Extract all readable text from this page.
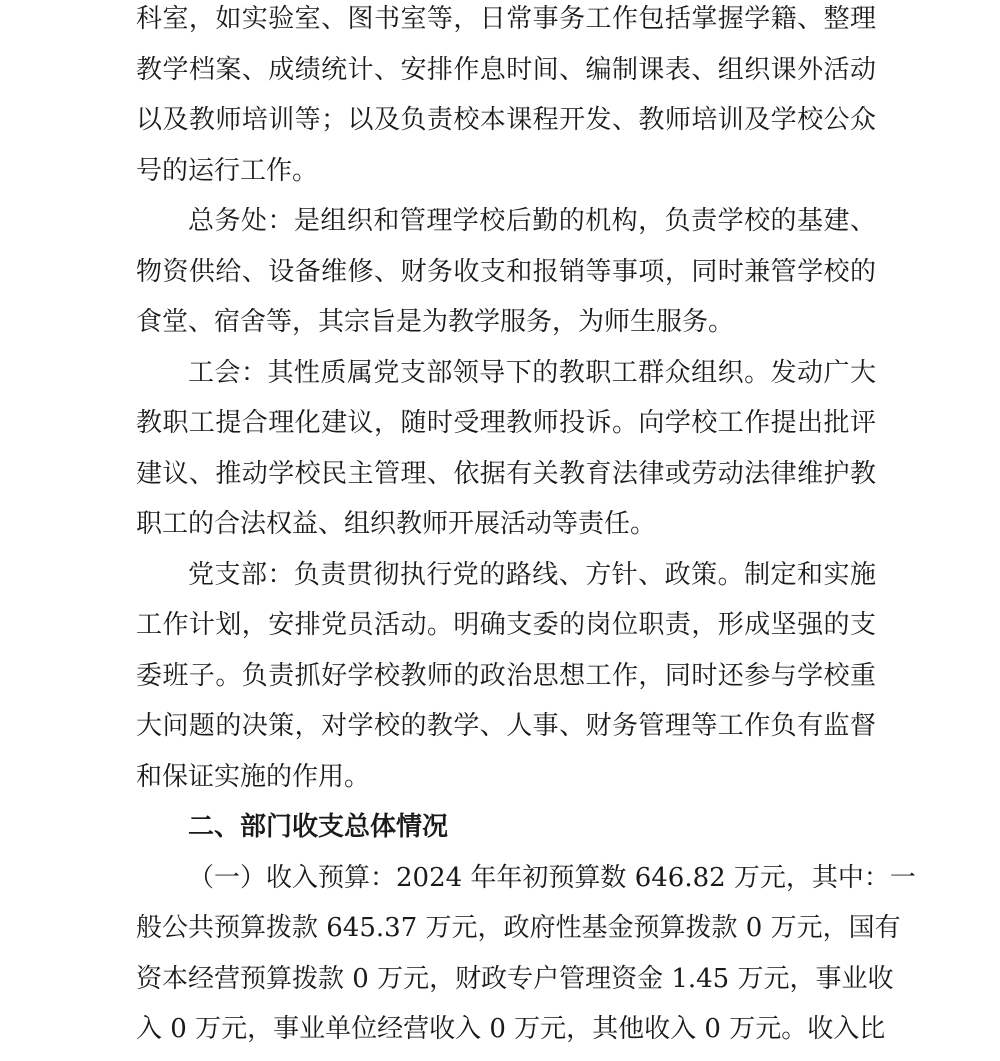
科室，如实验室、图书室等，日常事务工作包括掌握学籍、整理
教学档案、成绩统计、安排作息时间、编制课表、组织课外活动
以及教师培训等；以及负责校本课程开发、教师培训及学校公众
号的运行工作。
总务处：是组织和管理学校后勤的机构，负责学校的基建、
物资供给、设备维修、财务收支和报销等事项，同时兼管学校的
食堂、宿舍等，其宗旨是为教学服务，为师生服务。
工会：其性质属党支部领导下的教职工群众组织。发动广大
教职工提合理化建议，随时受理教师投诉。向学校工作提出批评
建议、推动学校民主管理、依据有关教育法律或劳动法律维护教
职工的合法权益、组织教师开展活动等责任。
党支部：负责贯彻执行党的路线、方针、政策。制定和实施
工作计划，安排党员活动。明确支委的岗位职责，形成坚强的支
委班子。负责抓好学校教师的政治思想工作，同时还参与学校重
大问题的决策，对学校的教学、人事、财务管理等工作负有监督
和保证实施的作用。
二、部门收支总体情况
（一）收入预算：2024 年年初预算数 646.82 万元，其中：一
般公共预算拨款 645.37 万元，政府性基金预算拨款 0 万元，国有
资本经营预算拨款 0 万元，财政专户管理资金 1.45 万元，事业收
入 0 万元，事业单位经营收入 0 万元，其他收入 0 万元。收入比
